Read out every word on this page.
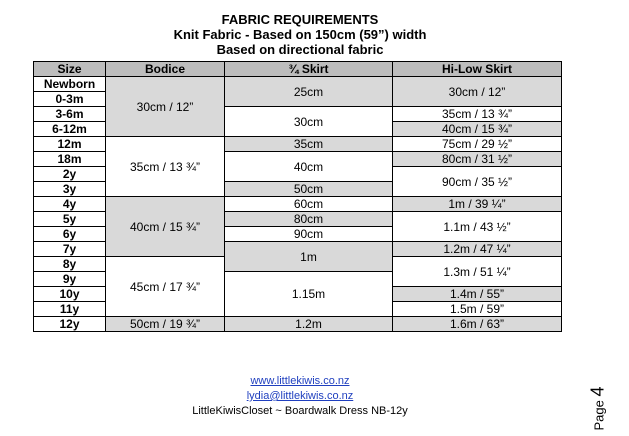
FABRIC REQUIREMENTS
Knit Fabric - Based on 150cm (59”) width
Based on directional fabric
Size	Bodice	¾ Skirt	Hi-Low Skirt
Newborn	30cm / 12”	25cm	30cm / 12”
0-3m			
3-6m		30cm	35cm / 13 ¾”
6-12m			40cm / 15 ¾”
12m	35cm / 13 ¾”	35cm	75cm / 29 ½”
18m		40cm	80cm / 31 ½”
2y			90cm / 35 ½”
3y		50cm	
4y	40cm / 15 ¾”	60cm	1m / 39 ¼”
5y		80cm	1.1m / 43 ½”
6y		90cm	
7y		1m	1.2m / 47 ¼”
8y	45cm / 17 ¾”		1.3m / 51 ¼”
9y		1.15m	
10y			1.4m / 55”
11y			1.5m / 59”
12y	50cm / 19 ¾”	1.2m	1.6m / 63”
www.littlekiwis.co.nz
lydia@littlekiwis.co.nz
LittleKiwisCloset ~ Boardwalk Dress NB-12y	Page 4
